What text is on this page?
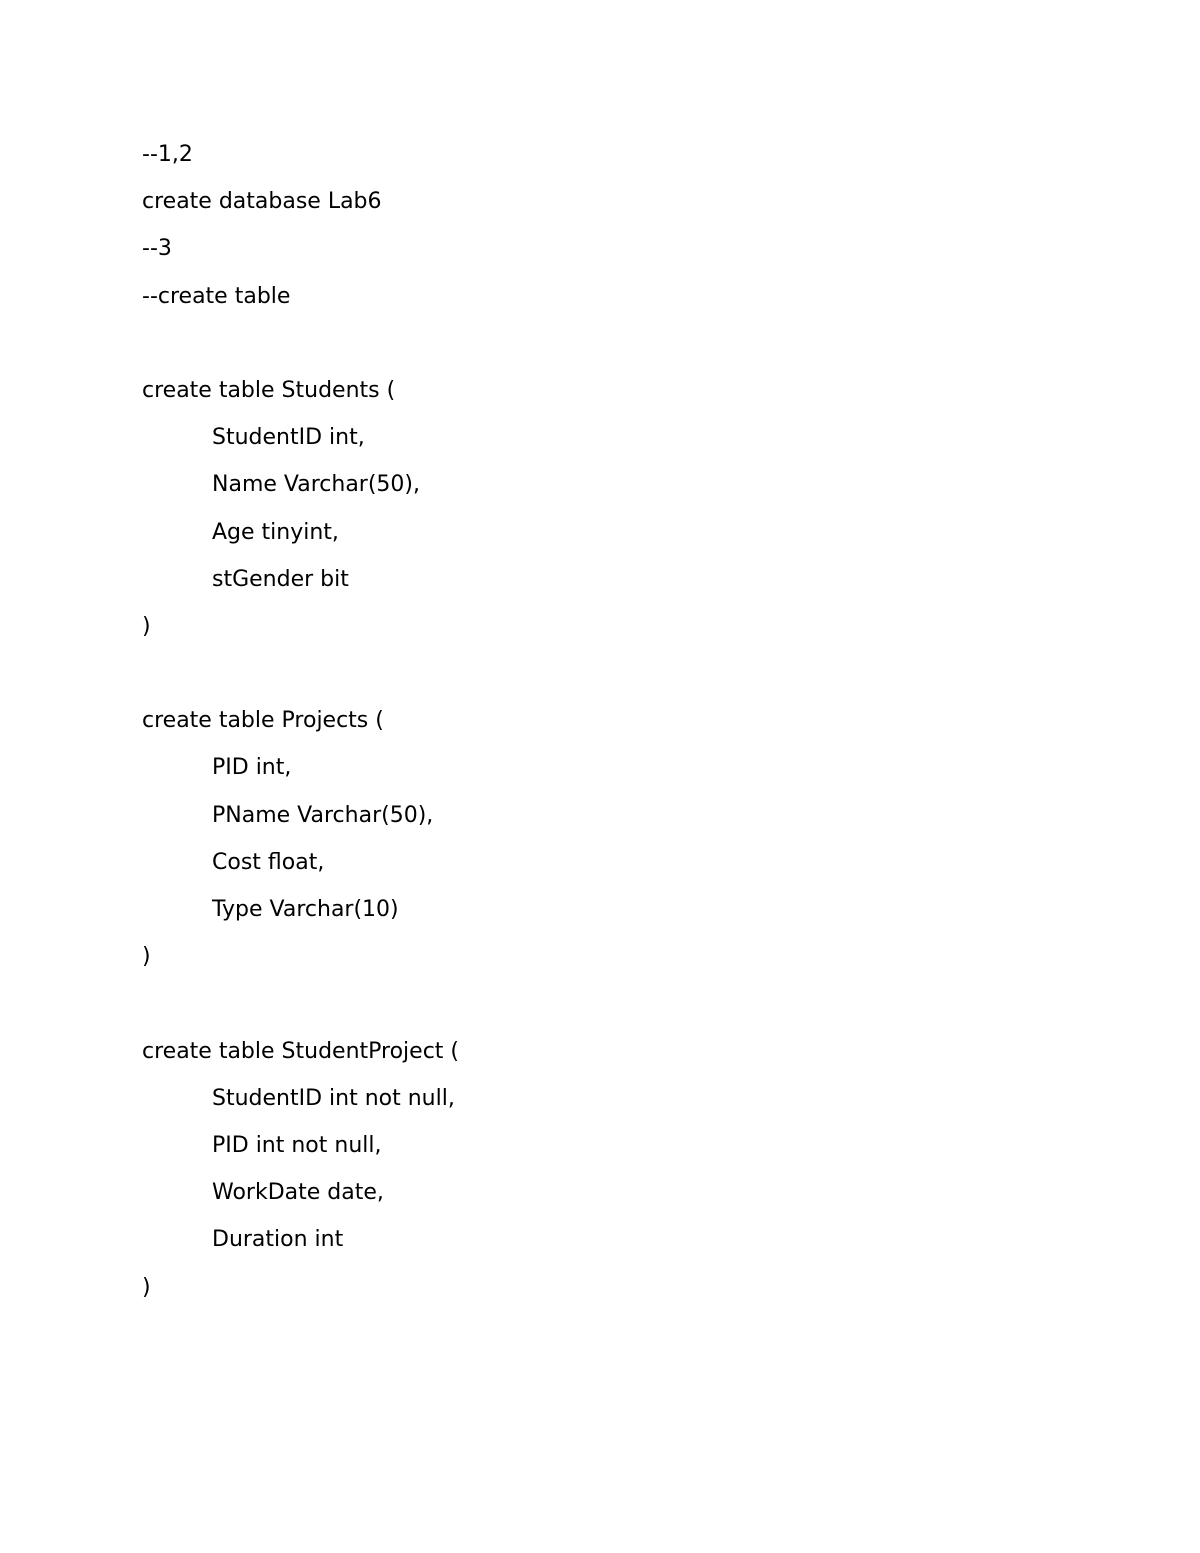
--1,2
create database Lab6
--3
--create table
create table Students (
StudentID int,
Name Varchar(50),
Age tinyint,
stGender bit
)
create table Projects (
PID int,
PName Varchar(50),
Cost float,
Type Varchar(10)
)
create table StudentProject (
StudentID int not null,
PID int not null,
WorkDate date,
Duration int
)
